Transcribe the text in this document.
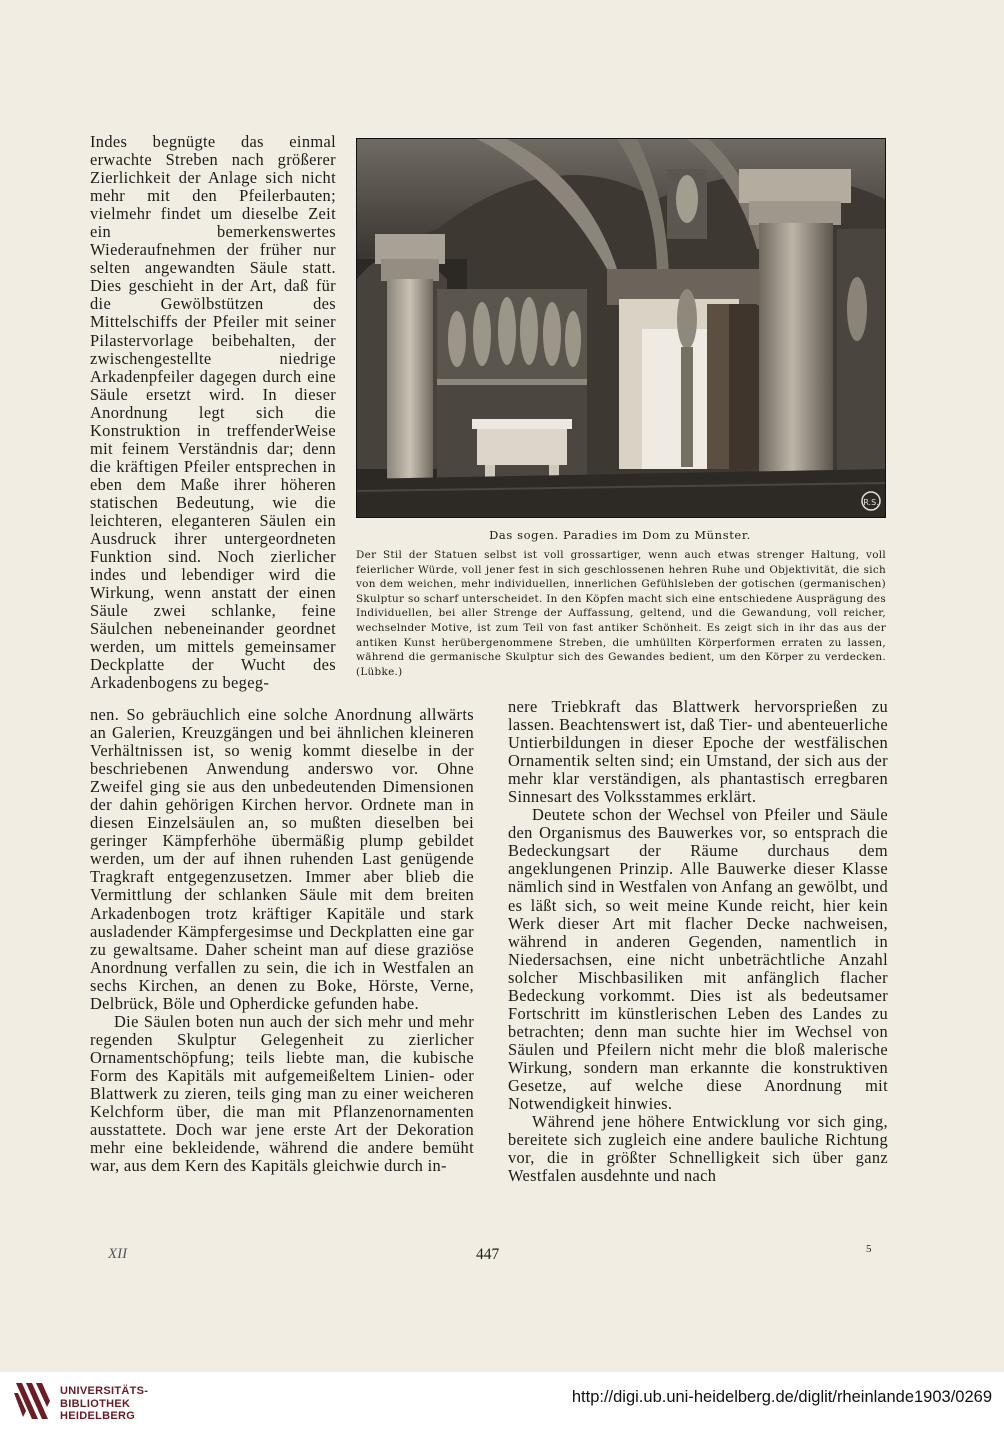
Indes begnügte das einmal erwachte Streben nach größerer Zierlichkeit der Anlage sich nicht mehr mit den Pfeilerbauten; vielmehr findet um dieselbe Zeit ein bemerkenswertes Wiederaufnehmen der früher nur selten angewandten Säule statt. Dies geschieht in der Art, daß für die Gewölbstützen des Mittelschiffs der Pfeiler mit seiner Pilastervorlage beibehalten, der zwischengestellte niedrige Arkadenpfeiler dagegen durch eine Säule ersetzt wird. In dieser Anordnung legt sich die Konstruktion in treffenderWeise mit feinem Verständnis dar; denn die kräftigen Pfeiler entsprechen in eben dem Maße ihrer höheren statischen Bedeutung, wie die leichteren, eleganteren Säulen ein Ausdruck ihrer untergeordneten Funktion sind. Noch zierlicher indes und lebendiger wird die Wirkung, wenn anstatt der einen Säule zwei schlanke, feine Säulchen nebeneinander geordnet werden, um mittels gemeinsamer Deckplatte der Wucht des Arkadenbogens zu begeg-

R.S.

Das sogen. Paradies im Dom zu Münster.

Der Stil der Statuen selbst ist voll grossartiger, wenn auch etwas strenger Haltung, voll feierlicher Würde, voll jener fest in sich geschlossenen hehren Ruhe und Objektivität, die sich von dem weichen, mehr individuellen, innerlichen Gefühlsleben der gotischen (germanischen) Skulptur so scharf unterscheidet. In den Köpfen macht sich eine entschiedene Ausprägung des Individuellen, bei aller Strenge der Auffassung, geltend, und die Gewandung, voll reicher, wechselnder Motive, ist zum Teil von fast antiker Schönheit. Es zeigt sich in ihr das aus der antiken Kunst herübergenommene Streben, die umhüllten Körperformen erraten zu lassen, während die germanische Skulptur sich des Gewandes bedient, um den Körper zu verdecken. (Lübke.)

nen. So gebräuchlich eine solche Anordnung allwärts an Galerien, Kreuzgängen und bei ähnlichen kleineren Verhältnissen ist, so wenig kommt dieselbe in der beschriebenen Anwendung anderswo vor. Ohne Zweifel ging sie aus den unbedeutenden Dimensionen der dahin gehörigen Kirchen hervor. Ordnete man in diesen Einzelsäulen an, so mußten dieselben bei geringer Kämpferhöhe übermäßig plump gebildet werden, um der auf ihnen ruhenden Last genügende Tragkraft entgegenzusetzen. Immer aber blieb die Vermittlung der schlanken Säule mit dem breiten Arkadenbogen trotz kräftiger Kapitäle und stark ausladender Kämpfergesimse und Deckplatten eine gar zu gewaltsame. Daher scheint man auf diese graziöse Anordnung verfallen zu sein, die ich in Westfalen an sechs Kirchen, an denen zu Boke, Hörste, Verne, Delbrück, Böle und Opherdicke gefunden habe.

Die Säulen boten nun auch der sich mehr und mehr regenden Skulptur Gelegenheit zu zierlicher Ornamentschöpfung; teils liebte man, die kubische Form des Kapitäls mit aufgemeißeltem Linien- oder Blattwerk zu zieren, teils ging man zu einer weicheren Kelchform über, die man mit Pflanzenornamenten ausstattete. Doch war jene erste Art der Dekoration mehr eine bekleidende, während die andere bemüht war, aus dem Kern des Kapitäls gleichwie durch in-

nere Triebkraft das Blattwerk hervorsprießen zu lassen. Beachtenswert ist, daß Tier- und abenteuerliche Untierbildungen in dieser Epoche der westfälischen Ornamentik selten sind; ein Umstand, der sich aus der mehr klar verständigen, als phantastisch erregbaren Sinnesart des Volksstammes erklärt.

Deutete schon der Wechsel von Pfeiler und Säule den Organismus des Bauwerkes vor, so entsprach die Bedeckungsart der Räume durchaus dem angeklungenen Prinzip. Alle Bauwerke dieser Klasse nämlich sind in Westfalen von Anfang an gewölbt, und es läßt sich, so weit meine Kunde reicht, hier kein Werk dieser Art mit flacher Decke nachweisen, während in anderen Gegenden, namentlich in Niedersachsen, eine nicht unbeträchtliche Anzahl solcher Mischbasiliken mit anfänglich flacher Bedeckung vorkommt. Dies ist als bedeutsamer Fortschritt im künstlerischen Leben des Landes zu betrachten; denn man suchte hier im Wechsel von Säulen und Pfeilern nicht mehr die bloß malerische Wirkung, sondern man erkannte die konstruktiven Gesetze, auf welche diese Anordnung mit Notwendigkeit hinwies.

Während jene höhere Entwicklung vor sich ging, bereitete sich zugleich eine andere bauliche Richtung vor, die in größter Schnelligkeit sich über ganz Westfalen ausdehnte und nach

XII	447	5
UNIVERSITÄTS-
BIBLIOTHEK
HEIDELBERG
http://digi.ub.uni-heidelberg.de/diglit/rheinlande1903/0269
